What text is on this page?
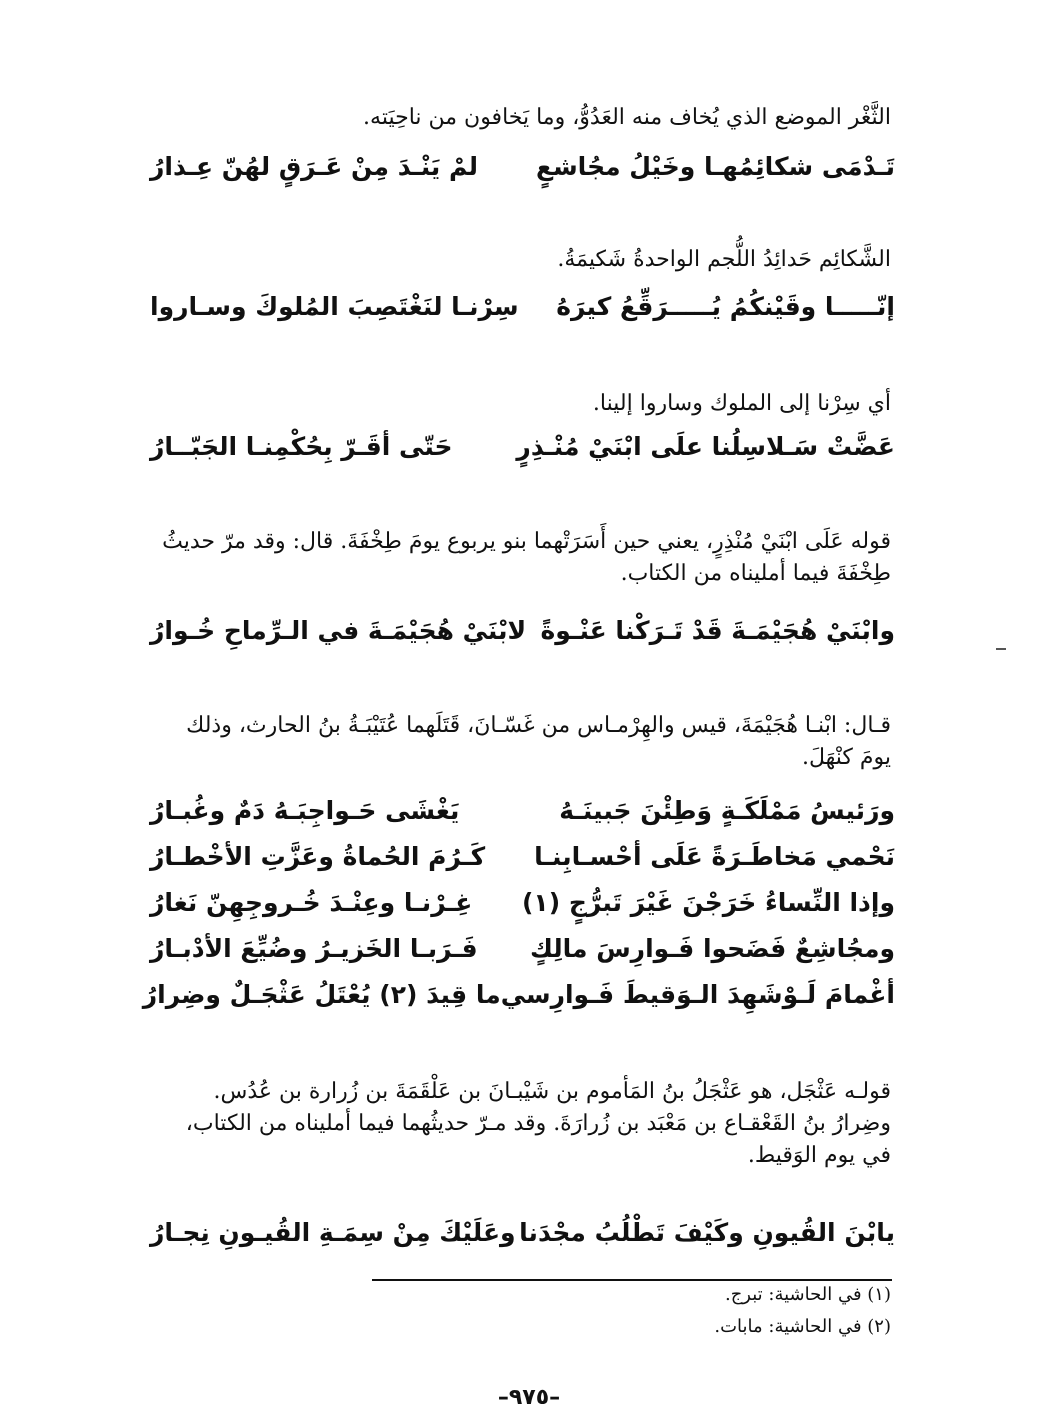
الثَّغْر الموضع الذي يُخاف منه العَدُوُّ، وما يَخافون من ناحِيَته.

تَـدْمَى شكائِمُهـا وخَيْلُ مجُاشعٍ
لمْ يَنْـدَ مِنْ عَـرَقٍ لهُنّ عِـذارُ

الشَّكائِم حَدائِدُ اللُّجم الواحدةُ شَكيمَةُ.

إنّـــــا وقَيْنكُمُ يُـــــرَقِّعُ كيرَهُ
سِرْنـا لنَغْتَصِبَ المُلوكَ وسـاروا

أي سِرْنا إلى الملوك وساروا إلينا.

عَضَّتْ سَـلاسِلُنا علَى ابْنَيْ مُنْـذِرٍ
حَتّى أقَـرّ بِحُكْمِنـا الجَبّــارُ

قوله عَلَى ابْنَيْ مُنْذِرٍ، يعني حين أَسَرَتْهما بنو يربوع يومَ طِخْفَةَ. قال: وقد مرّ حديثُ طِخْفَةَ فيما أمليناه من الكتاب.

وابْنَيْ هُجَيْمَـةَ قَدْ تَـرَكْنا عَنْـوةً
لابْنَيْ هُجَيْمَـةَ في الـرِّماحِ خُـوارُ

قـال: ابْنـا هُجَيْمَةَ، قيس والهِرْمـاس من غَسّـانَ، قَتَلَهما عُتَيْبَـةُ بنُ الحارث، وذلك يومَ كنْهَلَ.

ورَئيسُ مَمْلَكَـةٍ وَطِئْنَ جَبينَـهُ
يَغْشَى حَـواجِبَـهُ دَمٌ وغُبـارُ
نَحْمي مَخاطَـرَةً عَلَى أحْسـابِنـا
كَـرُمَ الحُماةُ وعَزَّتِ الأخْطـارُ
وإذا النِّساءُ خَرَجْنَ غَيْرَ تَبرُّجٍ (١)
غِـرْنـا وعِنْـدَ خُـروجِهِنّ نَغارُ
ومجُاشِعٌ فَضَحوا فَـوارِسَ مالِكٍ
فَـرَبـا الخَزيـرُ وضُيِّعَ الأدْبـارُ
أغْمامَ لَـوْشَهِدَ الـوَقيطَ فَـوارِسي
ما قِيدَ (٢) يُعْتَلُ عَثْجَـلٌ وضِرارُ

قولـه عَثْجَل، هو عَثْجَلُ بنُ المَأموم بن شَيْبـانَ بن عَلْقَمَةَ بن زُرارة بن عُدُس. وضِرارُ بنُ القَعْقـاع بن مَعْبَد بن زُرارَةَ. وقد مـرّ حديثُهما فيما أمليناه من الكتاب، في يوم الوَقيط.

يابْنَ القُيونِ وكَيْفَ تَطْلُبُ مجْدَنا
وعَلَيْكَ مِنْ سِمَـةِ القُيـونِ نِجـارُ
(١) في الحاشية: تبرج.
(٢) في الحاشية: مابات.
–٩٧٥–
